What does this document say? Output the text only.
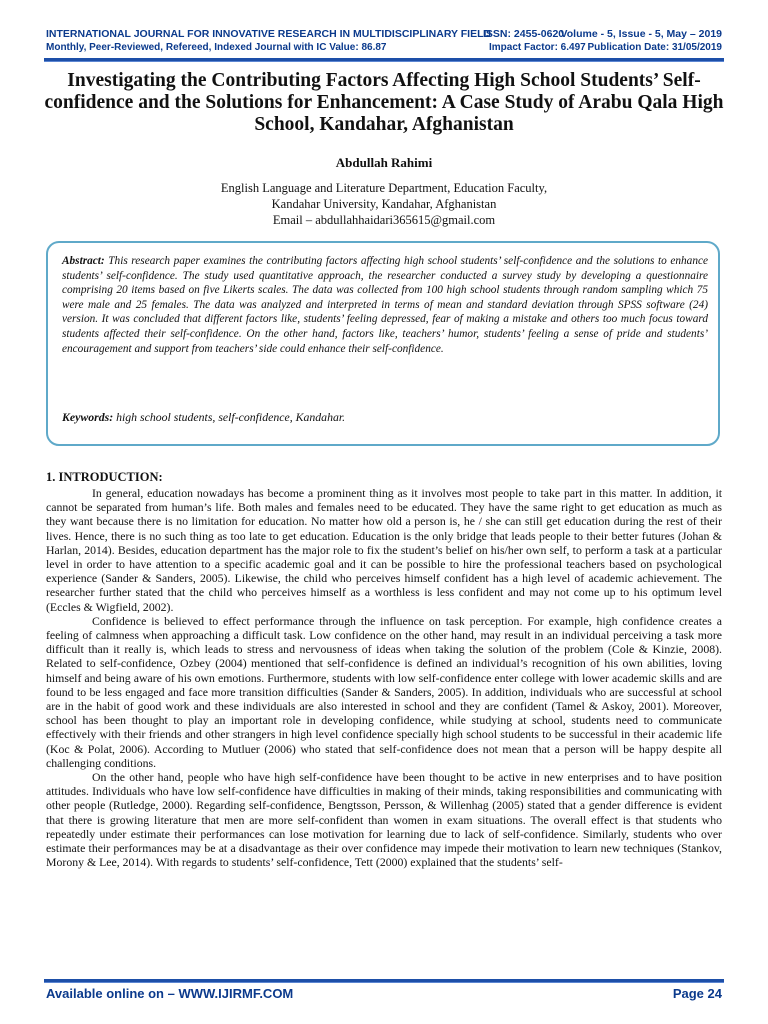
INTERNATIONAL JOURNAL FOR INNOVATIVE RESEARCH IN MULTIDISCIPLINARY FIELD
ISSN: 2455-0620
Volume - 5, Issue - 5, May – 2019
Monthly, Peer-Reviewed, Refereed, Indexed Journal with IC Value: 86.87	Impact Factor: 6.497 Publication Date: 31/05/2019
Investigating the Contributing Factors Affecting High School Students’ Self-confidence and the Solutions for Enhancement: A Case Study of Arabu Qala High School, Kandahar, Afghanistan
Abdullah Rahimi
English Language and Literature Department, Education Faculty,
Kandahar University, Kandahar, Afghanistan
Email – abdullahhaidari365615@gmail.com
Abstract: This research paper examines the contributing factors affecting high school students’ self-confidence and the solutions to enhance students’ self-confidence. The study used quantitative approach, the researcher conducted a survey study by developing a questionnaire comprising 20 items based on five Likerts scales. The data was collected from 100 high school students through random sampling which 75 were male and 25 females. The data was analyzed and interpreted in terms of mean and standard deviation through SPSS software (24) version. It was concluded that different factors like, students’ feeling depressed, fear of making a mistake and others too much focus toward students affected their self-confidence. On the other hand, factors like, teachers’ humor, students’ feeling a sense of pride and students’ encouragement and support from teachers’ side could enhance their self-confidence.
Keywords: high school students, self-confidence, Kandahar.
1. INTRODUCTION:

In general, education nowadays has become a prominent thing as it involves most people to take part in this matter. In addition, it cannot be separated from human’s life. Both males and females need to be educated. They have the same right to get education as much as they want because there is no limitation for education. No matter how old a person is, he / she can still get education during the rest of their lives. Hence, there is no such thing as too late to get education. Education is the only bridge that leads people to their better futures (Johan & Harlan, 2014). Besides, education department has the major role to fix the student’s belief on his/her own self, to perform a task at a particular level in order to have attention to a specific academic goal and it can be possible to hire the professional teachers based on psychological experience (Sander & Sanders, 2005). Likewise, the child who perceives himself confident has a high level of academic achievement. The researcher further stated that the child who perceives himself as a worthless is less confident and may not come up to his optimum level (Eccles & Wigfield, 2002).

Confidence is believed to effect performance through the influence on task perception. For example, high confidence creates a feeling of calmness when approaching a difficult task. Low confidence on the other hand, may result in an individual perceiving a task more difficult than it really is, which leads to stress and nervousness of ideas when taking the solution of the problem (Cole & Kinzie, 2008). Related to self-confidence, Ozbey (2004) mentioned that self-confidence is defined an individual’s recognition of his own abilities, loving himself and being aware of his own emotions. Furthermore, students with low self-confidence enter college with lower academic skills and are found to be less engaged and face more transition difficulties (Sander & Sanders, 2005). In addition, individuals who are successful at school are in the habit of good work and these individuals are also interested in school and they are confident (Tamel & Askoy, 2001). Moreover, school has been thought to play an important role in developing confidence, while studying at school, students need to communicate effectively with their friends and other strangers in high level confidence specially high school students to be successful in their academic life (Koc & Polat, 2006). According to Mutluer (2006) who stated that self-confidence does not mean that a person will be happy despite all challenging conditions.

On the other hand, people who have high self-confidence have been thought to be active in new enterprises and to have position attitudes. Individuals who have low self-confidence have difficulties in making of their minds, taking responsibilities and communicating with other people (Rutledge, 2000). Regarding self-confidence, Bengtsson, Persson, & Willenhag (2005) stated that a gender difference is evident that there is growing literature that men are more self-confident than women in exam situations. The overall effect is that students who repeatedly under estimate their performances can lose motivation for learning due to lack of self-confidence. Similarly, students who over estimate their performances may be at a disadvantage as their over confidence may impede their motivation to learn new techniques (Stankov, Morony & Lee, 2014). With regards to students’ self-confidence, Tett (2000) explained that the students’ self-

Available online on – WWW.IJIRMF.COM	Page 24
